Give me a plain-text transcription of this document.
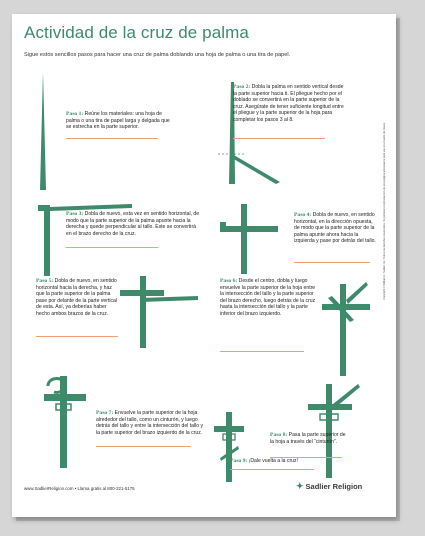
Actividad de la cruz de palma
Sigue estos sencillos pasos para hacer una cruz de palma doblando una hoja de palma o una tira de papel.
Paso 1: Reúne los materiales: una hoja de palma o una tira de papel larga y delgada que se estrecha en la parte superior.
Paso 2: Dobla la palma en sentido vertical desde la parte superior hacia ti. El pliegue hecho por el doblado se convertirá en la parte superior de la cruz. Asegúrate de tener suficiente longitud entre el pliegue y la parte superior de la hoja para completar los pasos 3 al 8.
Paso 3: Dobla de nuevo, esta vez en sentido horizontal, de modo que la parte superior de la palma apunte hacia la derecha y quede perpendicular al tallo. Este se convertirá en el brazo derecho de la cruz.
Paso 4: Dobla de nuevo, en sentido horizontal, en la dirección opuesta, de modo que la parte superior de la palma apunte ahora hacia la izquierda y pase por detrás del tallo.
Paso 5: Dobla de nuevo, en sentido horizontal hacia la derecha, y haz que la parte superior de la palma pase por delante de la parte vertical de esta. Así, ya deberías haber hecho ambos brazos de la cruz.
Paso 6: Desde el centro, dobla y luego envuelve la parte superior de la hoja entre la intersección del tallo y la parte superior del brazo derecho, luego detrás de la cruz hasta la intersección del tallo y la parte inferior del brazo izquierdo.
Paso 7: Envuelve la parte superior de la hoja alrededor del tallo, como un cinturón, y luego detrás del tallo y entre la intersección del tallo y la parte superior del brazo izquierdo de la cruz.	Paso 8: Pasa la parte superior de la hoja a través del “cinturón”.
Paso 9: ¡Dale vuelta a la cruz!
www.SadlierReligion.com • Llama gratis al 800-221-5175	✦ Sadlier Religion
Copyright © William H. Sadlier, Inc. Todos los derechos reservados. Se permite la reproducción de esta página únicamente para uso en el salón de clases.
